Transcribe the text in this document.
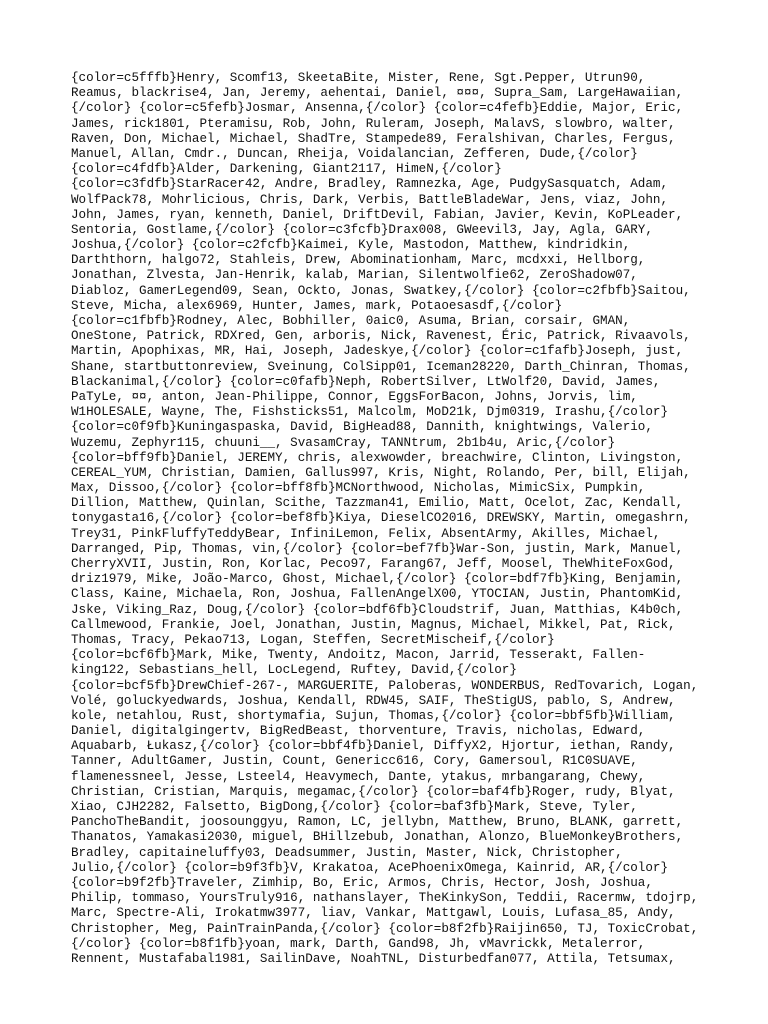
{color=c5fffb}Henry, Scomf13, SkeetaBite, Mister, Rene, Sgt.Pepper, Utrun90,
Reamus, blackrise4, Jan, Jeremy, aehentai, Daniel, ¤¤¤, Supra_Sam, LargeHawaiian,
{/color} {color=c5fefb}Josmar, Ansenna,{/color} {color=c4fefb}Eddie, Major, Eric,
James, rick1801, Pteramisu, Rob, John, Ruleram, Joseph, MalavS, slowbro, walter,
Raven, Don, Michael, Michael, ShadTre, Stampede89, Feralshivan, Charles, Fergus,
Manuel, Allan, Cmdr., Duncan, Rheija, Voidalancian, Zefferen, Dude,{/color}
{color=c4fdfb}Alder, Darkening, Giant2117, HimeN,{/color}
{color=c3fdfb}StarRacer42, Andre, Bradley, Ramnezka, Age, PudgySasquatch, Adam,
WolfPack78, Mohrlicious, Chris, Dark, Verbis, BattleBladeWar, Jens, viaz, John,
John, James, ryan, kenneth, Daniel, DriftDevil, Fabian, Javier, Kevin, KoPLeader,
Sentoria, Gostlame,{/color} {color=c3fcfb}Drax008, GWeevil3, Jay, Agla, GARY,
Joshua,{/color} {color=c2fcfb}Kaimei, Kyle, Mastodon, Matthew, kindridkin,
Darththorn, halgo72, Stahleis, Drew, Abominationham, Marc, mcdxxi, Hellborg,
Jonathan, Zlvesta, Jan-Henrik, kalab, Marian, Silentwolfie62, ZeroShadow07,
Diabloz, GamerLegend09, Sean, Ockto, Jonas, Swatkey,{/color} {color=c2fbfb}Saitou,
Steve, Micha, alex6969, Hunter, James, mark, Potaoesasdf,{/color}
{color=c1fbfb}Rodney, Alec, Bobhiller, 0aic0, Asuma, Brian, corsair, GMAN,
OneStone, Patrick, RDXred, Gen, arboris, Nick, Ravenest, Éric, Patrick, Rivaavols,
Martin, Apophixas, MR, Hai, Joseph, Jadeskye,{/color} {color=c1fafb}Joseph, just,
Shane, startbuttonreview, Sveinung, ColSipp01, Iceman28220, Darth_Chinran, Thomas,
Blackanimal,{/color} {color=c0fafb}Neph, RobertSilver, LtWolf20, David, James,
PaTyLe, ¤¤, anton, Jean-Philippe, Connor, EggsForBacon, Johns, Jorvis, lim,
W1HOLESALE, Wayne, The, Fishsticks51, Malcolm, MoD21k, Djm0319, Irashu,{/color}
{color=c0f9fb}Kuningaspaska, David, BigHead88, Dannith, knightwings, Valerio,
Wuzemu, Zephyr115, chuuni__, SvasamCray, TANNtrum, 2b1b4u, Aric,{/color}
{color=bff9fb}Daniel, JEREMY, chris, alexwowder, breachwire, Clinton, Livingston,
CEREAL_YUM, Christian, Damien, Gallus997, Kris, Night, Rolando, Per, bill, Elijah,
Max, Dissoo,{/color} {color=bff8fb}MCNorthwood, Nicholas, MimicSix, Pumpkin,
Dillion, Matthew, Quinlan, Scithe, Tazzman41, Emilio, Matt, Ocelot, Zac, Kendall,
tonygasta16,{/color} {color=bef8fb}Kiya, DieselCO2016, DREWSKY, Martin, omegashrn,
Trey31, PinkFluffyTeddyBear, InfiniLemon, Felix, AbsentArmy, Akilles, Michael,
Darranged, Pip, Thomas, vin,{/color} {color=bef7fb}War-Son, justin, Mark, Manuel,
CherryXVII, Justin, Ron, Korlac, Peco97, Farang67, Jeff, Moosel, TheWhiteFoxGod,
driz1979, Mike, João-Marco, Ghost, Michael,{/color} {color=bdf7fb}King, Benjamin,
Class, Kaine, Michaela, Ron, Joshua, FallenAngelX00, YTOCIAN, Justin, PhantomKid,
Jske, Viking_Raz, Doug,{/color} {color=bdf6fb}Cloudstrif, Juan, Matthias, K4b0ch,
Callmewood, Frankie, Joel, Jonathan, Justin, Magnus, Michael, Mikkel, Pat, Rick,
Thomas, Tracy, Pekao713, Logan, Steffen, SecretMischeif,{/color}
{color=bcf6fb}Mark, Mike, Twenty, Andoitz, Macon, Jarrid, Tesserakt, Fallen-
king122, Sebastians_hell, LocLegend, Ruftey, David,{/color}
{color=bcf5fb}DrewChief-267-, MARGUERITE, Paloberas, WONDERBUS, RedTovarich, Logan,
Volé, goluckyedwards, Joshua, Kendall, RDW45, SAIF, TheStigUS, pablo, S, Andrew,
kole, netahlou, Rust, shortymafia, Sujun, Thomas,{/color} {color=bbf5fb}William,
Daniel, digitalgingertv, BigRedBeast, thorventure, Travis, nicholas, Edward,
Aquabarb, Łukasz,{/color} {color=bbf4fb}Daniel, DiffyX2, Hjortur, iethan, Randy,
Tanner, AdultGamer, Justin, Count, Genericc616, Cory, Gamersoul, R1C0SUAVE,
flamenessneel, Jesse, Lsteel4, Heavymech, Dante, ytakus, mrbangarang, Chewy,
Christian, Cristian, Marquis, megamac,{/color} {color=baf4fb}Roger, rudy, Blyat,
Xiao, CJH2282, Falsetto, BigDong,{/color} {color=baf3fb}Mark, Steve, Tyler,
PanchoTheBandit, joosounggyu, Ramon, LC, jellybn, Matthew, Bruno, BLANK, garrett,
Thanatos, Yamakasi2030, miguel, BHillzebub, Jonathan, Alonzo, BlueMonkeyBrothers,
Bradley, capitaineluffy03, Deadsummer, Justin, Master, Nick, Christopher,
Julio,{/color} {color=b9f3fb}V, Krakatoa, AcePhoenixOmega, Kainrid, AR,{/color}
{color=b9f2fb}Traveler, Zimhip, Bo, Eric, Armos, Chris, Hector, Josh, Joshua,
Philip, tommaso, YoursTruly916, nathanslayer, TheKinkySon, Teddii, Racermw, tdojrp,
Marc, Spectre-Ali, Irokatmw3977, liav, Vankar, Mattgawl, Louis, Lufasa_85, Andy,
Christopher, Meg, PainTrainPanda,{/color} {color=b8f2fb}Raijin650, TJ, ToxicCrobat,
{/color} {color=b8f1fb}yoan, mark, Darth, Gand98, Jh, vMavrickk, Metalerror,
Rennent, Mustafabal1981, SailinDave, NoahTNL, Disturbedfan077, Attila, Tetsumax,
